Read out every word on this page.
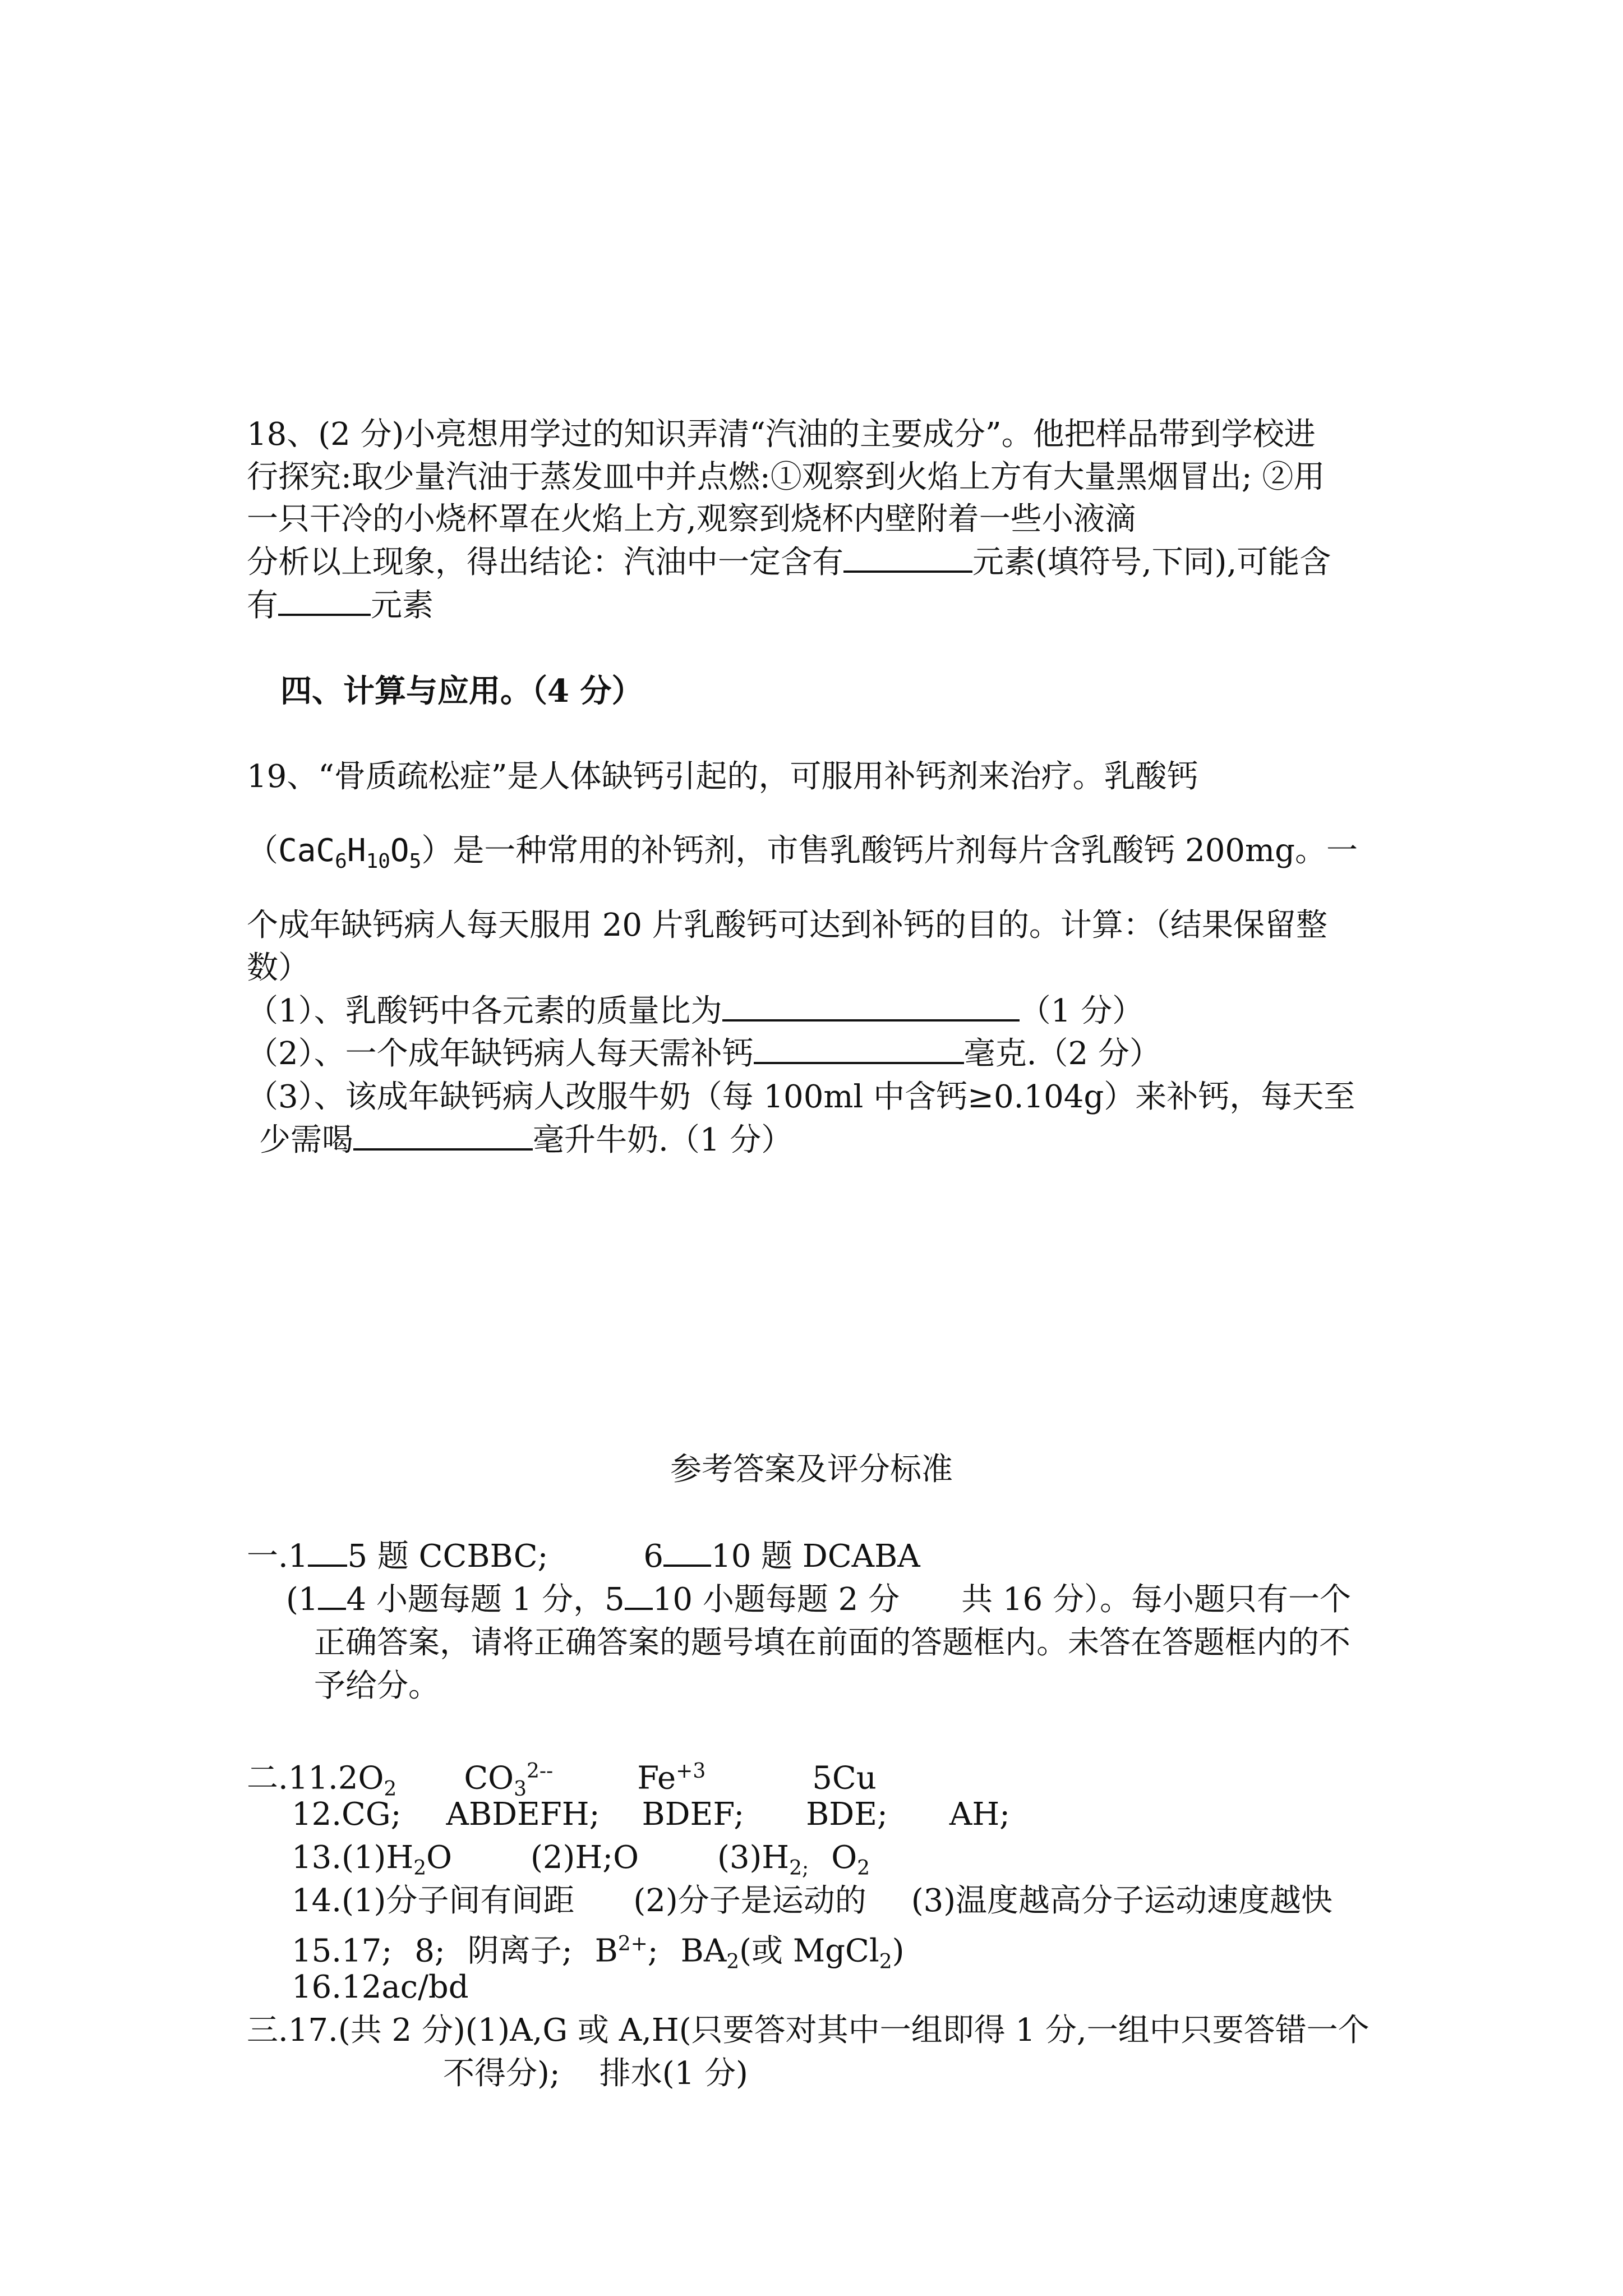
18、(2 分)小亮想用学过的知识弄清“汽油的主要成分”。他把样品带到学校进
行探究:取少量汽油于蒸发皿中并点燃:①观察到火焰上方有大量黑烟冒出; ②用
一只干冷的小烧杯罩在火焰上方,观察到烧杯内壁附着一些小液滴
分析以上现象，得出结论：汽油中一定含有	元素(填符号,下同),可能含
有	元素
四、计算与应用。（4 分）
19、“骨质疏松症”是人体缺钙引起的，可服用补钙剂来治疗。乳酸钙
$(CaC_6H_{10}O_5)$是一种常用的补钙剂，市售乳酸钙片剂每片含乳酸钙 200mg。一
个成年缺钙病人每天服用 20 片乳酸钙可达到补钙的目的。计算：（结果保留整
数）
（1）、乳酸钙中各元素的质量比为	（1 分）
（2）、一个成年缺钙病人每天需补钙	毫克.（2 分）
（3）、该成年缺钙病人改服牛奶（每 100ml 中含钙≥0.104g）来补钙，每天至
少需喝	毫升牛奶.（1 分）
参考答案及评分标准
一.1 5 题 CCBBC;	6 10 题 DCABA
(1 4 小题每题 1 分，5 10 小题每题 2 分 共 16 分）。每小题只有一个
正确答案，请将正确答案的题号填在前面的答题框内。未答在答题框内的不
予给分。
二$.11.2O_2$ $CO_3^{2--}$	$Fe^{+3}$	5Cu
12.CG; ABDEFH; BDEF; BDE; AH;
$13.(1)H_2O$	(2)H;O	$(3)H_{2;}$ $O_2$
14.(1)分子间有间距 (2)分子是运动的 (3)温度越高分子运动速度越快
15.17; 8; 阴离子; $B^{2+}$; $BA_2$(或 MgCl$_2$)
16.12ac/bd
三.17.(共 2 分)(1)A,G 或 A,H(只要答对其中一组即得 1 分,一组中只要答错一个
不得分); 排水(1 分)
